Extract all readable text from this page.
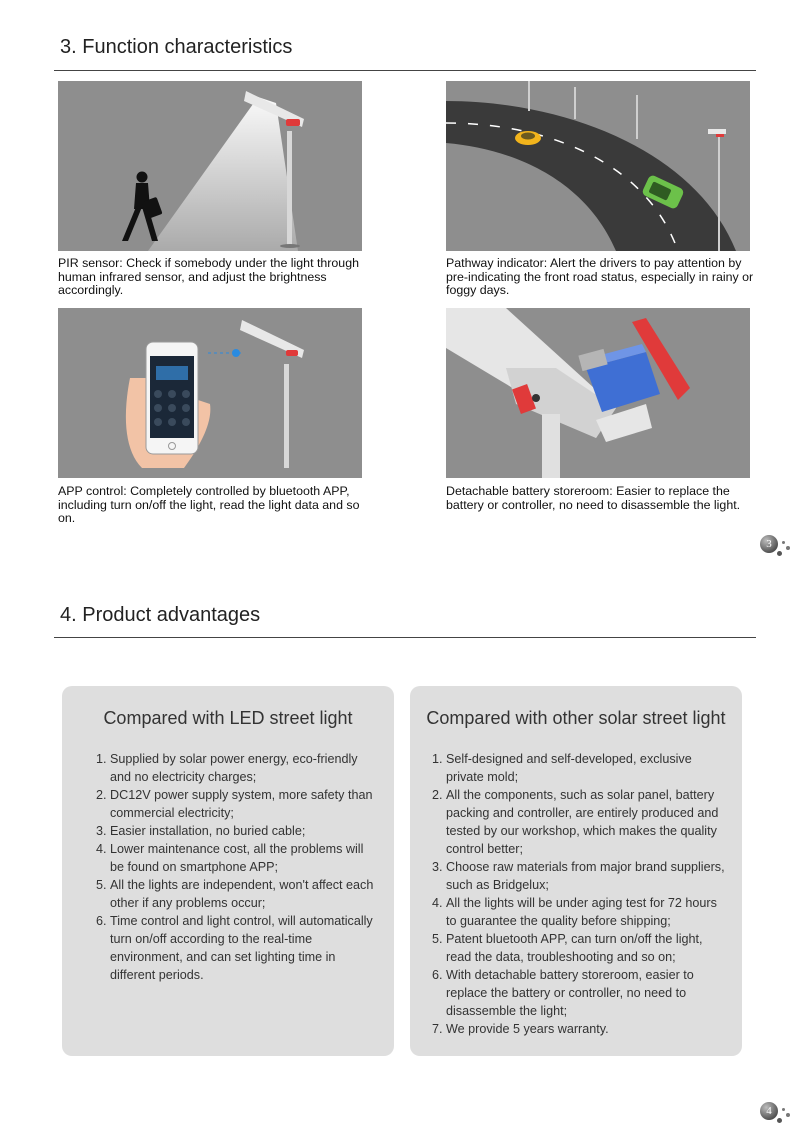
3. Function characteristics
PIR sensor: Check if somebody under the light through human infrared sensor, and adjust the brightness accordingly.
Pathway indicator: Alert the drivers to pay attention by pre-indicating the front road status, especially in rainy or foggy days.
APP control: Completely controlled by bluetooth APP, including turn on/off the light, read the light data and so on.
Detachable battery storeroom: Easier to replace the battery or controller, no need to disassemble the light.
3
4. Product advantages
Compared with LED street light
1. Supplied by solar power energy, eco-friendly and no electricity charges;
2. DC12V power supply system, more safety than commercial electricity;
3. Easier installation, no buried cable;
4. Lower maintenance cost, all the problems will be found on smartphone APP;
5. All the lights are independent, won't affect each other if any problems occur;
6. Time control and light control, will automatically turn on/off according to the real-time environment, and can set lighting time in different periods.
Compared with other solar street light
1. Self-designed and self-developed, exclusive private mold;
2. All the components, such as solar panel, battery packing and controller, are entirely produced and tested by our workshop, which makes the quality control better;
3. Choose raw materials from major brand suppliers, such as Bridgelux;
4. All the lights will be under aging test for 72 hours to guarantee the quality before shipping;
5. Patent bluetooth APP, can turn on/off the light, read the data, troubleshooting and so on;
6. With detachable battery storeroom, easier to replace the battery or controller, no need to disassemble the light;
7. We provide 5 years warranty.
4
